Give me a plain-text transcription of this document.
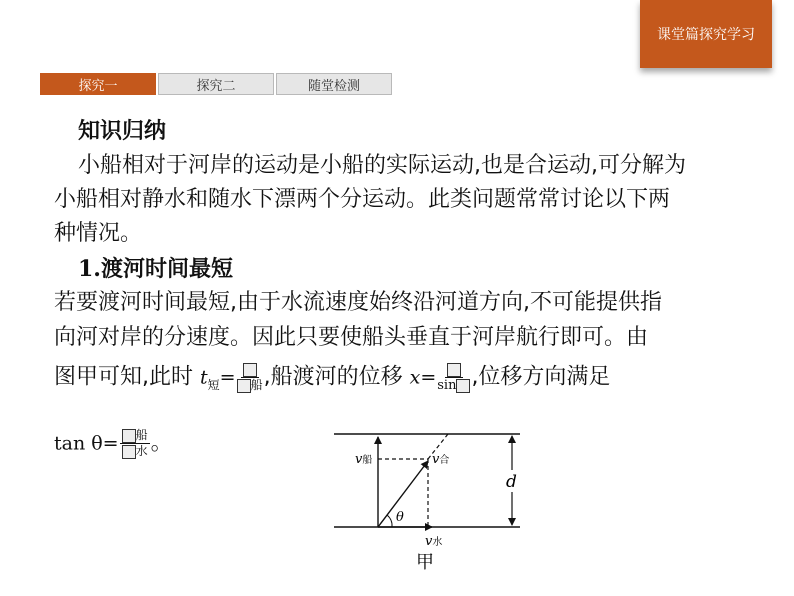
课堂篇探究学习
探究一	探究二	随堂检测
知识归纳
小船相对于河岸的运动是小船的实际运动,也是合运动,可分解为
小船相对静水和随水下漂两个分运动。此类问题常常讨论以下两
种情况。
1.渡河时间最短
若要渡河时间最短,由于水流速度始终沿河道方向,不可能提供指
向河对岸的分速度。因此只要使船头垂直于河岸航行即可。由
图甲可知,此时 $t_短=$	船 ,船渡河的位移 x= sin ,位移方向满足
$\tan \theta= \frac{\text{船}}{\text{水}}$ 。
d
v船	v合
v水
θ
甲
